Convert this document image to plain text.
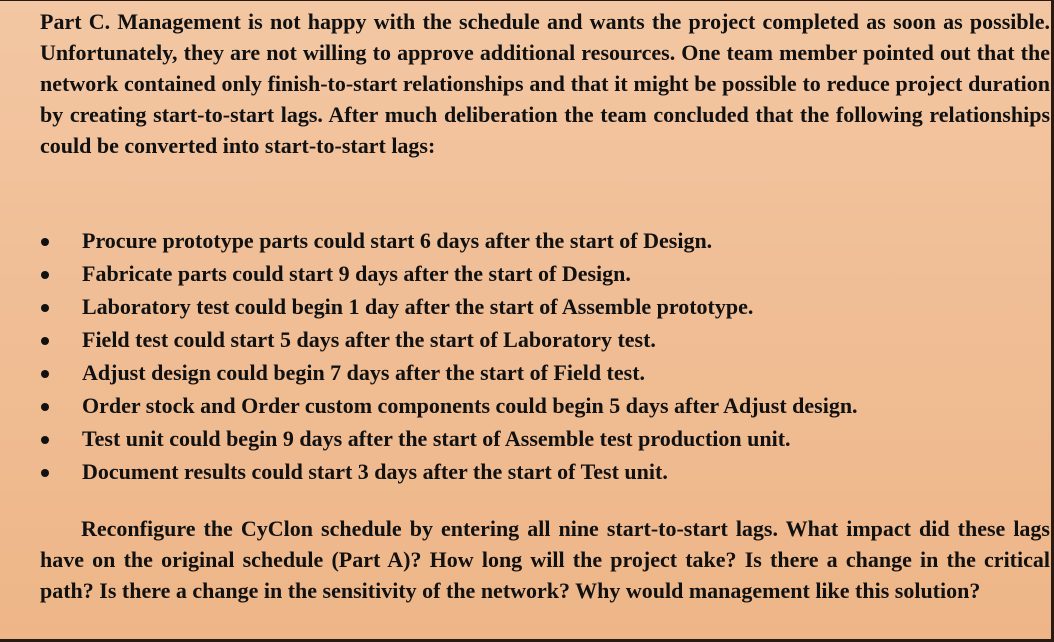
Part C. Management is not happy with the schedule and wants the project completed as soon as possible. Unfortunately, they are not willing to approve additional resources. One team member pointed out that the network contained only finish-to-start relationships and that it might be possible to reduce project duration by creating start-to-start lags. After much deliberation the team concluded that the following relationships could be converted into start-to-start lags:

Procure prototype parts could start 6 days after the start of Design.
Fabricate parts could start 9 days after the start of Design.
Laboratory test could begin 1 day after the start of Assemble prototype.
Field test could start 5 days after the start of Laboratory test.
Adjust design could begin 7 days after the start of Field test.
Order stock and Order custom components could begin 5 days after Adjust design.
Test unit could begin 9 days after the start of Assemble test production unit.
Document results could start 3 days after the start of Test unit.

Reconfigure the CyClon schedule by entering all nine start-to-start lags. What impact did these lags have on the original schedule (Part A)? How long will the project take? Is there a change in the critical path? Is there a change in the sensitivity of the network? Why would management like this solution?
